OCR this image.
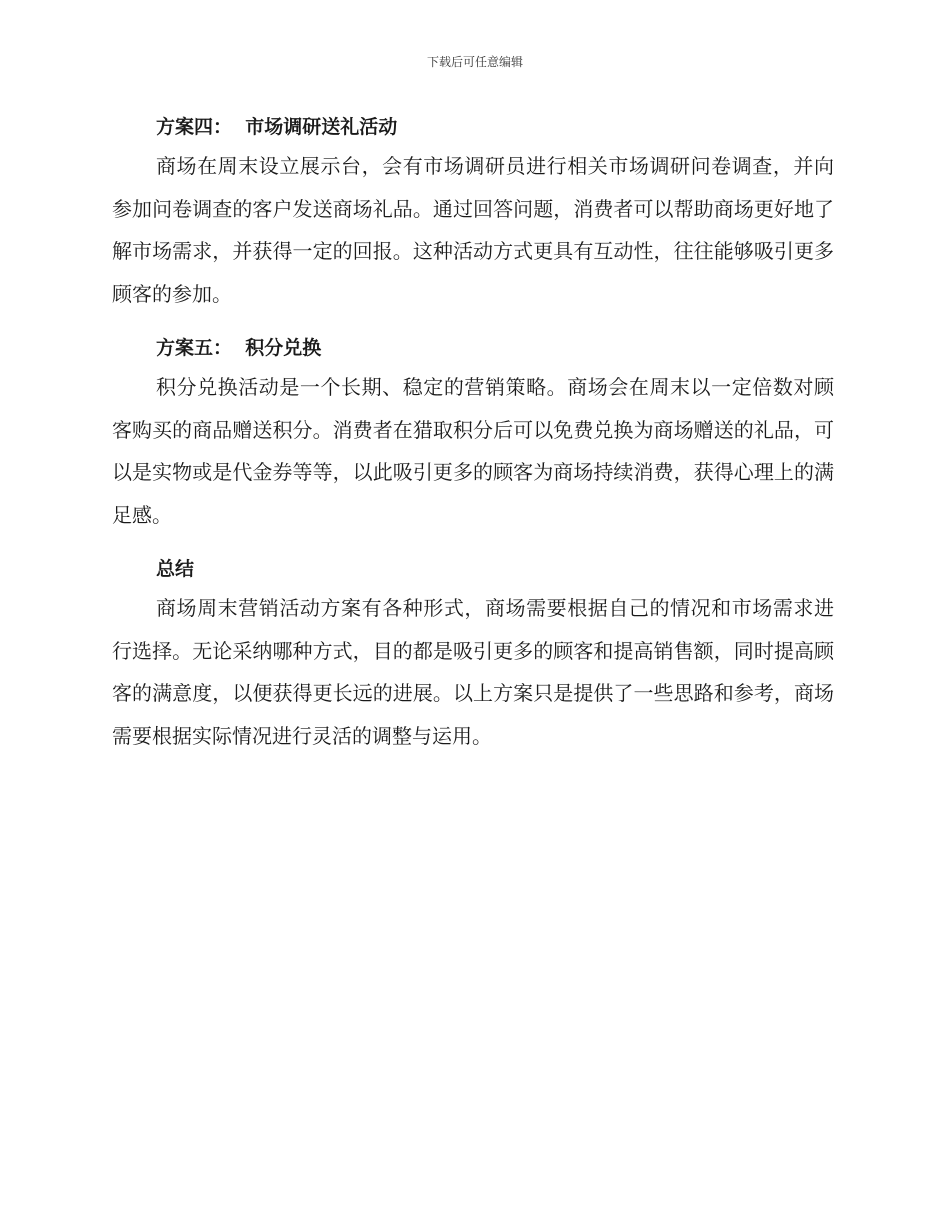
下载后可任意编辑
方案四：  市场调研送礼活动

商场在周末设立展示台，会有市场调研员进行相关市场调研问卷调查，并向参加问卷调查的客户发送商场礼品。通过回答问题，消费者可以帮助商场更好地了解市场需求，并获得一定的回报。这种活动方式更具有互动性，往往能够吸引更多顾客的参加。

方案五：  积分兑换

积分兑换活动是一个长期、稳定的营销策略。商场会在周末以一定倍数对顾客购买的商品赠送积分。消费者在猎取积分后可以免费兑换为商场赠送的礼品，可以是实物或是代金券等等，以此吸引更多的顾客为商场持续消费，获得心理上的满足感。

总结

商场周末营销活动方案有各种形式，商场需要根据自己的情况和市场需求进行选择。无论采纳哪种方式，目的都是吸引更多的顾客和提高销售额，同时提高顾客的满意度，以便获得更长远的进展。以上方案只是提供了一些思路和参考，商场需要根据实际情况进行灵活的调整与运用。
